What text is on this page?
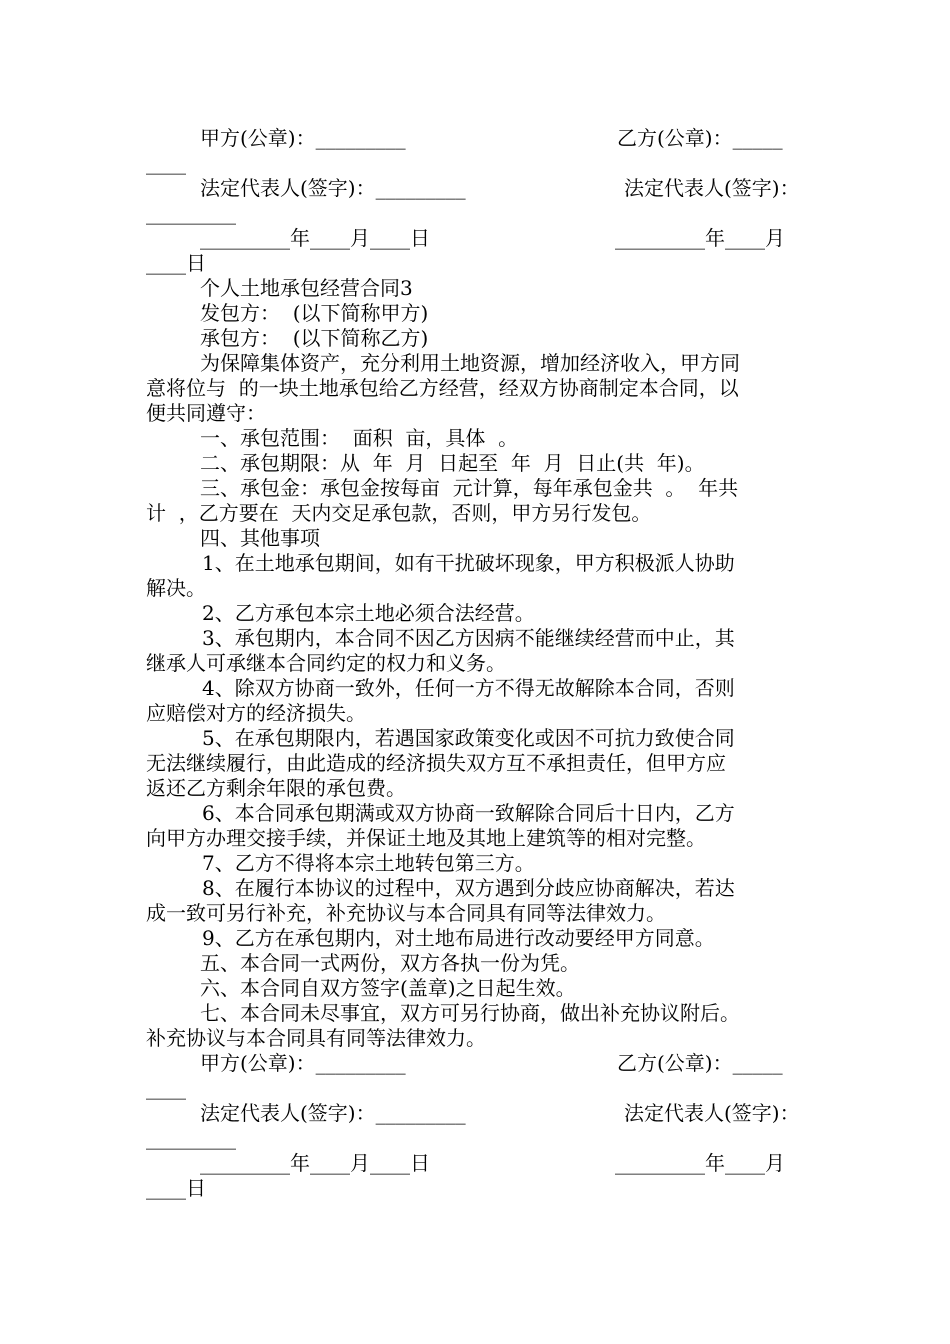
甲方(公章)：_________	乙方(公章)：_____
____
法定代表人(签字)：_________	法定代表人(签字)：
_________
_________年____月____日	_________年____月
____日
个人土地承包经营合同3
发包方：  (以下简称甲方)
承包方：  (以下简称乙方)
为保障集体资产，充分利用土地资源，增加经济收入，甲方同
意将位与  的一块土地承包给乙方经营，经双方协商制定本合同，以
便共同遵守：
一、承包范围：  面积  亩，具体  。
二、承包期限：从  年  月  日起至  年  月  日止(共  年)。
三、承包金：承包金按每亩  元计算，每年承包金共  。  年共
计  ，乙方要在  天内交足承包款，否则，甲方另行发包。
四、其他事项
1、在土地承包期间，如有干扰破坏现象，甲方积极派人协助
解决。
2、乙方承包本宗土地必须合法经营。
3、承包期内，本合同不因乙方因病不能继续经营而中止，其
继承人可承继本合同约定的权力和义务。
4、除双方协商一致外，任何一方不得无故解除本合同，否则
应赔偿对方的经济损失。
5、在承包期限内，若遇国家政策变化或因不可抗力致使合同
无法继续履行，由此造成的经济损失双方互不承担责任，但甲方应
返还乙方剩余年限的承包费。
6、本合同承包期满或双方协商一致解除合同后十日内，乙方
向甲方办理交接手续，并保证土地及其地上建筑等的相对完整。
7、乙方不得将本宗土地转包第三方。
8、在履行本协议的过程中，双方遇到分歧应协商解决，若达
成一致可另行补充，补充协议与本合同具有同等法律效力。
9、乙方在承包期内，对土地布局进行改动要经甲方同意。
五、本合同一式两份，双方各执一份为凭。
六、本合同自双方签字(盖章)之日起生效。
七、本合同未尽事宜，双方可另行协商，做出补充协议附后。
补充协议与本合同具有同等法律效力。
甲方(公章)：_________	乙方(公章)：_____
____
法定代表人(签字)：_________	法定代表人(签字)：
_________
_________年____月____日	_________年____月
____日
